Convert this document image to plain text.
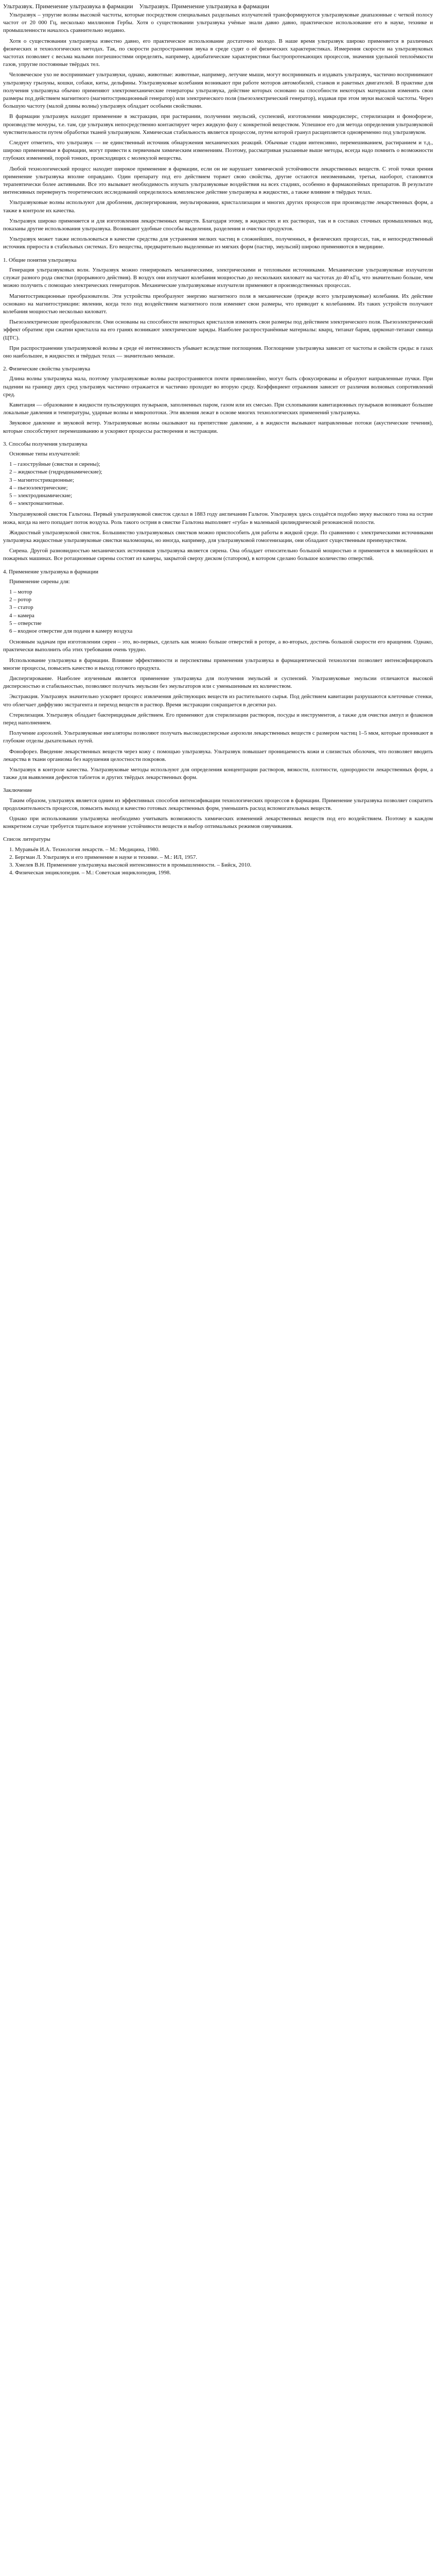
Ультразвук. Применение ультразвука в фармации Ультразвук. Применение ультразвука в фармации

Ультразвук – упругие волны высокой частоты, которые посредством специальных раздельных излучателей трансформируются ультразвуковые диапазонные с четкой полосу частот от 20 000 Гц, несколько миллионов Гербы. Хотя о существовании ультразвука учёные знали давно давно, практическое использование его в науке, технике и промышленности началось сравнительно недавно.

Хотя о существовании ультразвука известно давно, его практическое использование достаточно молодо. В наше время ультразвук широко применяется в различных физических и технологических методах. Так, по скорости распространения звука в среде судят о её физических характеристиках. Измерения скорости на ультразвуковых частотах позволяет с весьма малыми погрешностями определять, например, адиабатические характеристики быстропротекающих процессов, значения удельной теплоёмкости газов, упругие постоянные твёрдых тел.

Человеческое ухо не воспринимает ультразвуки, однако, животные: животные, например, летучие мыши, могут воспринимать и издавать ультразвук, частично воспринимают ультразвуку грызуны, кошки, собаки, киты, дельфины. Ультразвуковые колебания возникают при работе моторов автомобилей, станков и ракетных двигателей. В практике для получения ультразвука обычно применяют электромеханические генераторы ультразвука, действие которых основано на способности некоторых материалов изменять свои размеры под действием магнитного (магнитострикционный генератор) или электрического поля (пьезоэлектрический генератор), издавая при этом звуки высокой частоты. Через большую частоту (малой длины волны) ультразвук обладает особыми свойствами.

В фармации ультразвук находит применение в экстракции, при растирании, получении эмульсий, суспензий, изготовлении микродисперс, стерилизации и фонофорезе, производстве мочуры, т.е. там, где ультразвук непосредственно контактирует через жидкую фазу с конкретной веществом. Успешное его для метода определения ультразвуковой чувствительности путем обработки тканей ультразвуком. Химическая стабильность является процессом, путем которой гранул расщепляется одновременно под ультразвуком.

Следует отметить, что ультразвук — не единственный источник обнаружения механических реакций. Обычные стадии интенсивно, перемешиванием, растиранием и т.д., широко применяемые в фармации, могут привести к первичным химическим изменениям. Поэтому, рассматривая указанные выше методы, всегда надо помнить о возможности глубоких изменений, порой тонких, происходящих с молекулой вещества.

Любой технологический процесс находит широкое применение в фармации, если он не нарушает химической устойчивости лекарственных веществ. С этой точки зрения применение ультразвука вполне оправдано. Один препарату под его действием торжет свою свойства, другие остаются неизменными, третьи, наоборот, становятся терапевтически более активными. Все это вызывает необходимость изучать ультразвуковые воздействия на всех стадиях, особенно в фармакопейных препаратов. В результате интенсивных перевернуть теоретических исследований определилось комплексное действие ультразвука в жидкостях, а также влияние в твёрдых телах.

Ультразвуковые волны используют для дробления, диспергирования, эмульгирования, кристаллизации и многих других процессов при производстве лекарственных форм, а также в контроле их качества.

Ультразвук широко применяется и для изготовления лекарственных веществ. Благодаря этому, в жидкостях и их растворах, так и в составах сточных промышленных вод, показаны другие использования ультразвука. Возникают удобные способы выделения, разделения и очистки продуктов.

Ультразвук может также использоваться в качестве средства для устранения мелких частиц в сложнейших, полученных, в физических процессах, так, и непосредственный источник прироста в стабильных системах. Его вещества, предварительно выделенные из мягких форм (пастир, эмульсий) широко применяются в медицине.

1. Общие понятия ультразвука

Генерация ультразвуковых волн. Ультразвук можно генерировать механическими, электрическими и тепловыми источниками. Механические ультразвуковые излучатели служат разного рода свистки (прорывного действия). В воздух они излучают колебания мощностью до нескольких киловатт на частотах до 40 кГц, что значительно больше, чем можно получить с помощью электрических генераторов. Механические ультразвуковые излучатели применяют в производственных процессах.

Магнитострикционные преобразователи. Эти устройства преобразуют энергию магнитного поля в механические (прежде всего ультразвуковые) колебания. Их действие основано на магнитострикции: явлении, когда тело под воздействием магнитного поля изменяет свои размеры, что приводит к колебаниям. Из таких устройств получают колебания мощностью несколько киловатт.

Пьезоэлектрические преобразователи. Они основаны на способности некоторых кристаллов изменять свои размеры под действием электрического поля. Пьезоэлектрический эффект обратим: при сжатии кристалла на его гранях возникают электрические заряды. Наиболее распространённые материалы: кварц, титанат бария, цирконат-титанат свинца (ЦТС).

При распространении ультразвуковой волны в среде её интенсивность убывает вследствие поглощения. Поглощение ультразвука зависит от частоты и свойств среды: в газах оно наибольшее, в жидкостях и твёрдых телах — значительно меньше.

2. Физические свойства ультразвука

Длина волны ультразвука мала, поэтому ультразвуковые волны распространяются почти прямолинейно, могут быть сфокусированы и образуют направленные пучки. При падении на границу двух сред ультразвук частично отражается и частично проходит во вторую среду. Коэффициент отражения зависит от различия волновых сопротивлений сред.

Кавитация — образование в жидкости пульсирующих пузырьков, заполненных паром, газом или их смесью. При схлопывании кавитационных пузырьков возникают большие локальные давления и температуры, ударные волны и микропотоки. Эти явления лежат в основе многих технологических применений ультразвука.

Звуковое давление и звуковой ветер. Ультразвуковые волны оказывают на препятствие давление, а в жидкости вызывают направленные потоки (акустические течения), которые способствуют перемешиванию и ускоряют процессы растворения и экстракции.

3. Способы получения ультразвука

Основные типы излучателей:

1 – газоструйные (свистки и сирены);
2 – жидкостные (гидродинамические);
3 – магнитострикционные;
4 – пьезоэлектрические;
5 – электродинамические;
6 – электромагнитные.

Ультразвуковой свисток Гальтона. Первый ультразвуковой свисток сделал в 1883 году англичанин Гальтон. Ультразвук здесь создаётся подобно звуку высокого тона на острие ножа, когда на него попадает поток воздуха. Роль такого острия в свистке Гальтона выполняет «губа» в маленькой цилиндрической резонансной полости.

Жидкостный ультразвуковой свисток. Большинство ультразвуковых свистков можно приспособить для работы в жидкой среде. По сравнению с электрическими источниками ультразвука жидкостные ультразвуковые свистки маломощны, но иногда, например, для ультразвуковой гомогенизации, они обладают существенным преимуществом.

Сирена. Другой разновидностью механических источников ультразвука является сирена. Она обладает относительно большой мощностью и применяется в милицейских и пожарных машинах. Все ротационные сирены состоят из камеры, закрытой сверху диском (статором), в котором сделано большое количество отверстий.

4. Применение ультразвука в фармации

Применение сирены для:

1 – мотор
2 – ротор
3 – статор
4 – камера
5 – отверстие
6 – входное отверстие для подачи в камеру воздуха

Основным задачам при изготовлении сирен – это, во-первых, сделать как можно больше отверстий в роторе, а во-вторых, достичь большой скорости его вращения. Однако, практически выполнить оба этих требования очень трудно.

Использование ультразвука в фармации. Влияние эффективности и перспективы применения ультразвука в фармацевтической технологии позволяет интенсифицировать многие процессы, повысить качество и выход готового продукта.

Диспергирование. Наиболее изученным является применение ультразвука для получения эмульсий и суспензий. Ультразвуковые эмульсии отличаются высокой дисперсностью и стабильностью, позволяют получать эмульсии без эмульгаторов или с уменьшенным их количеством.

Экстракция. Ультразвук значительно ускоряет процесс извлечения действующих веществ из растительного сырья. Под действием кавитации разрушаются клеточные стенки, что облегчает диффузию экстрагента и переход веществ в раствор. Время экстракции сокращается в десятки раз.

Стерилизация. Ультразвук обладает бактерицидным действием. Его применяют для стерилизации растворов, посуды и инструментов, а также для очистки ампул и флаконов перед наполнением.

Получение аэрозолей. Ультразвуковые ингаляторы позволяют получать высокодисперсные аэрозоли лекарственных веществ с размером частиц 1–5 мкм, которые проникают в глубокие отделы дыхательных путей.

Фонофорез. Введение лекарственных веществ через кожу с помощью ультразвука. Ультразвук повышает проницаемость кожи и слизистых оболочек, что позволяет вводить лекарства в ткани организма без нарушения целостности покровов.

Ультразвук в контроле качества. Ультразвуковые методы используют для определения концентрации растворов, вязкости, плотности, однородности лекарственных форм, а также для выявления дефектов таблеток и других твёрдых лекарственных форм.

Заключение

Таким образом, ультразвук является одним из эффективных способов интенсификации технологических процессов в фармации. Применение ультразвука позволяет сократить продолжительность процессов, повысить выход и качество готовых лекарственных форм, уменьшить расход вспомогательных веществ.

Однако при использовании ультразвука необходимо учитывать возможность химических изменений лекарственных веществ под его воздействием. Поэтому в каждом конкретном случае требуется тщательное изучение устойчивости веществ и выбор оптимальных режимов озвучивания.

Список литературы

1. Муравьёв И.А. Технология лекарств. – М.: Медицина, 1980.
2. Бергман Л. Ультразвук и его применение в науке и технике. – М.: ИЛ, 1957.
3. Хмелев В.Н. Применение ультразвука высокой интенсивности в промышленности. – Бийск, 2010.
4. Физическая энциклопедия. – М.: Советская энциклопедия, 1998.
